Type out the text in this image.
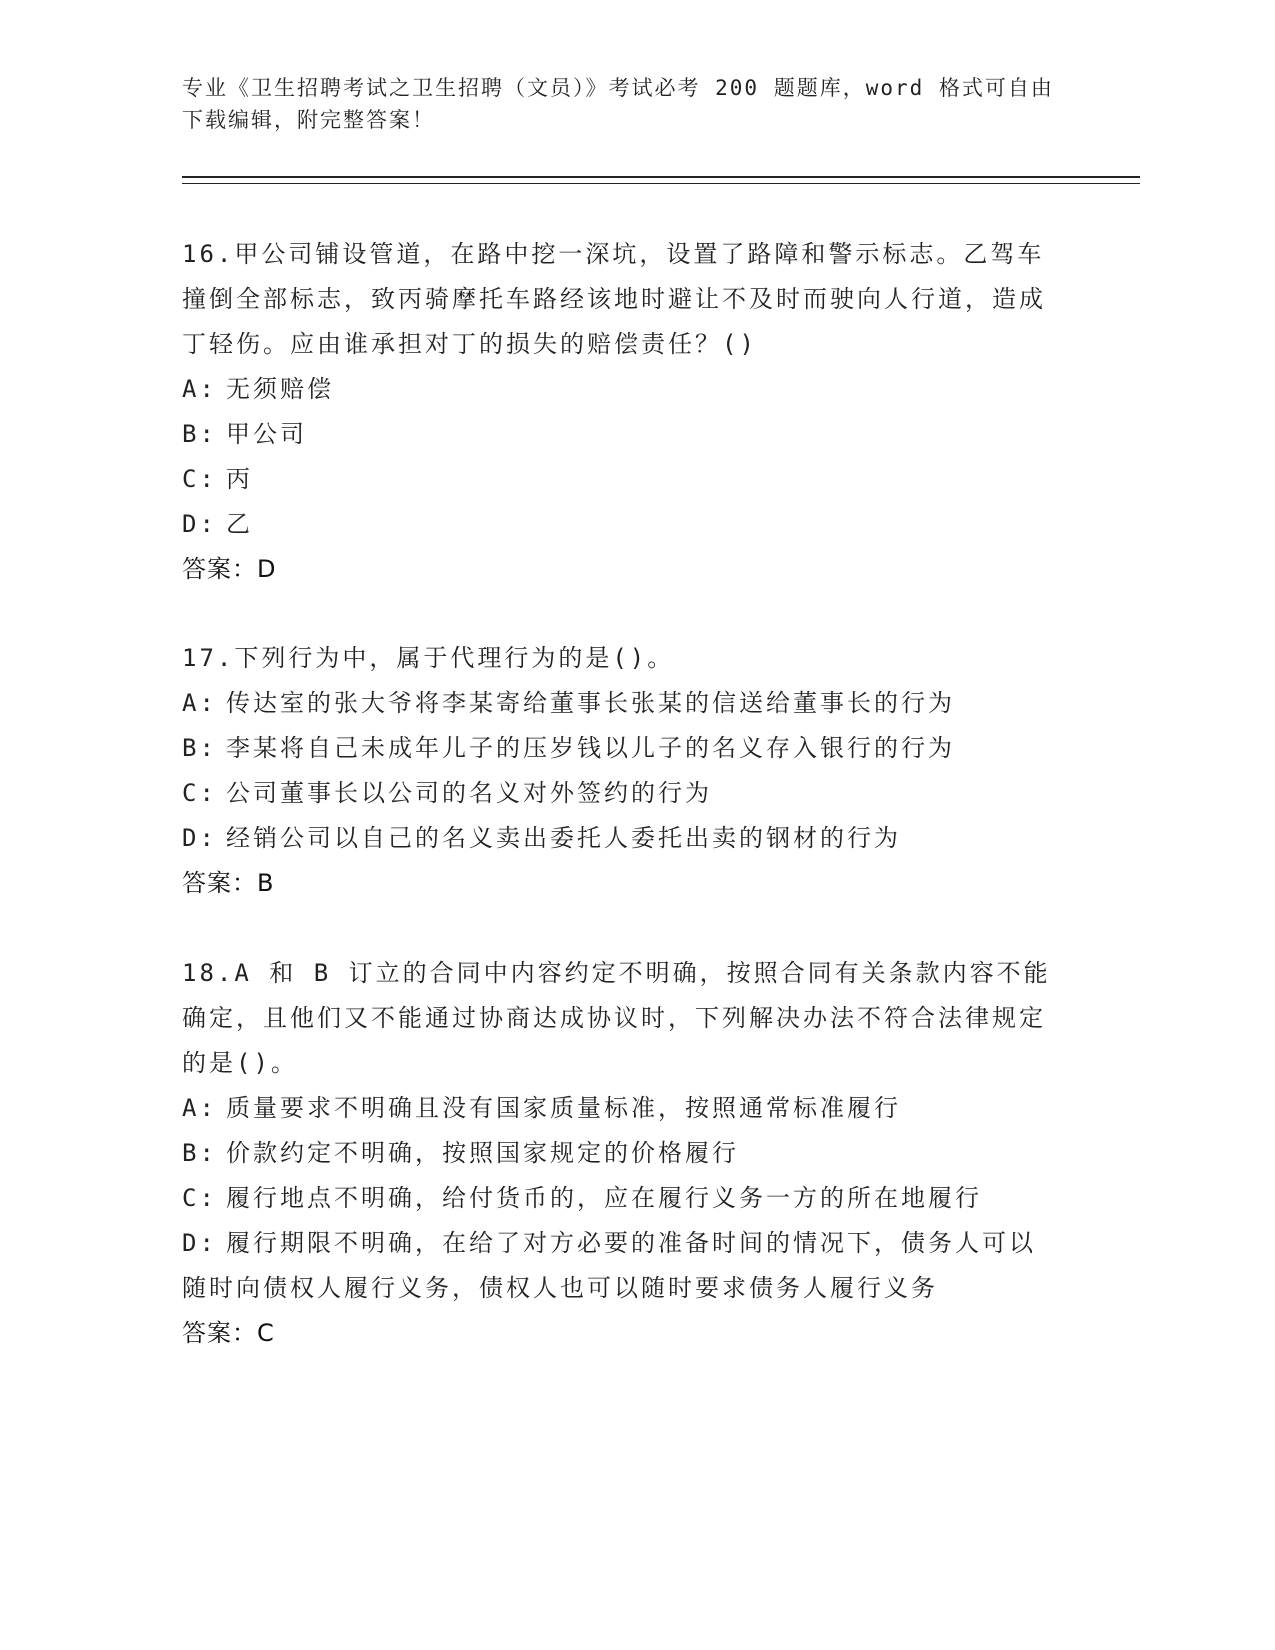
专业《卫生招聘考试之卫生招聘（文员）》考试必考 200 题题库，word 格式可自由下载编辑，附完整答案！

16.甲公司铺设管道，在路中挖一深坑，设置了路障和警示标志。乙驾车撞倒全部标志，致丙骑摩托车路经该地时避让不及时而驶向人行道，造成丁轻伤。应由谁承担对丁的损失的赔偿责任？()

A: 无须赔偿

B: 甲公司

C: 丙

D: 乙

答案：D

17.下列行为中，属于代理行为的是()。

A: 传达室的张大爷将李某寄给董事长张某的信送给董事长的行为

B: 李某将自己未成年儿子的压岁钱以儿子的名义存入银行的行为

C: 公司董事长以公司的名义对外签约的行为

D: 经销公司以自己的名义卖出委托人委托出卖的钢材的行为

答案：B

18.A 和 B 订立的合同中内容约定不明确，按照合同有关条款内容不能确定，且他们又不能通过协商达成协议时，下列解决办法不符合法律规定的是()。

A: 质量要求不明确且没有国家质量标准，按照通常标准履行

B: 价款约定不明确，按照国家规定的价格履行

C: 履行地点不明确，给付货币的，应在履行义务一方的所在地履行

D: 履行期限不明确，在给了对方必要的准备时间的情况下，债务人可以随时向债权人履行义务，债权人也可以随时要求债务人履行义务

答案：C
